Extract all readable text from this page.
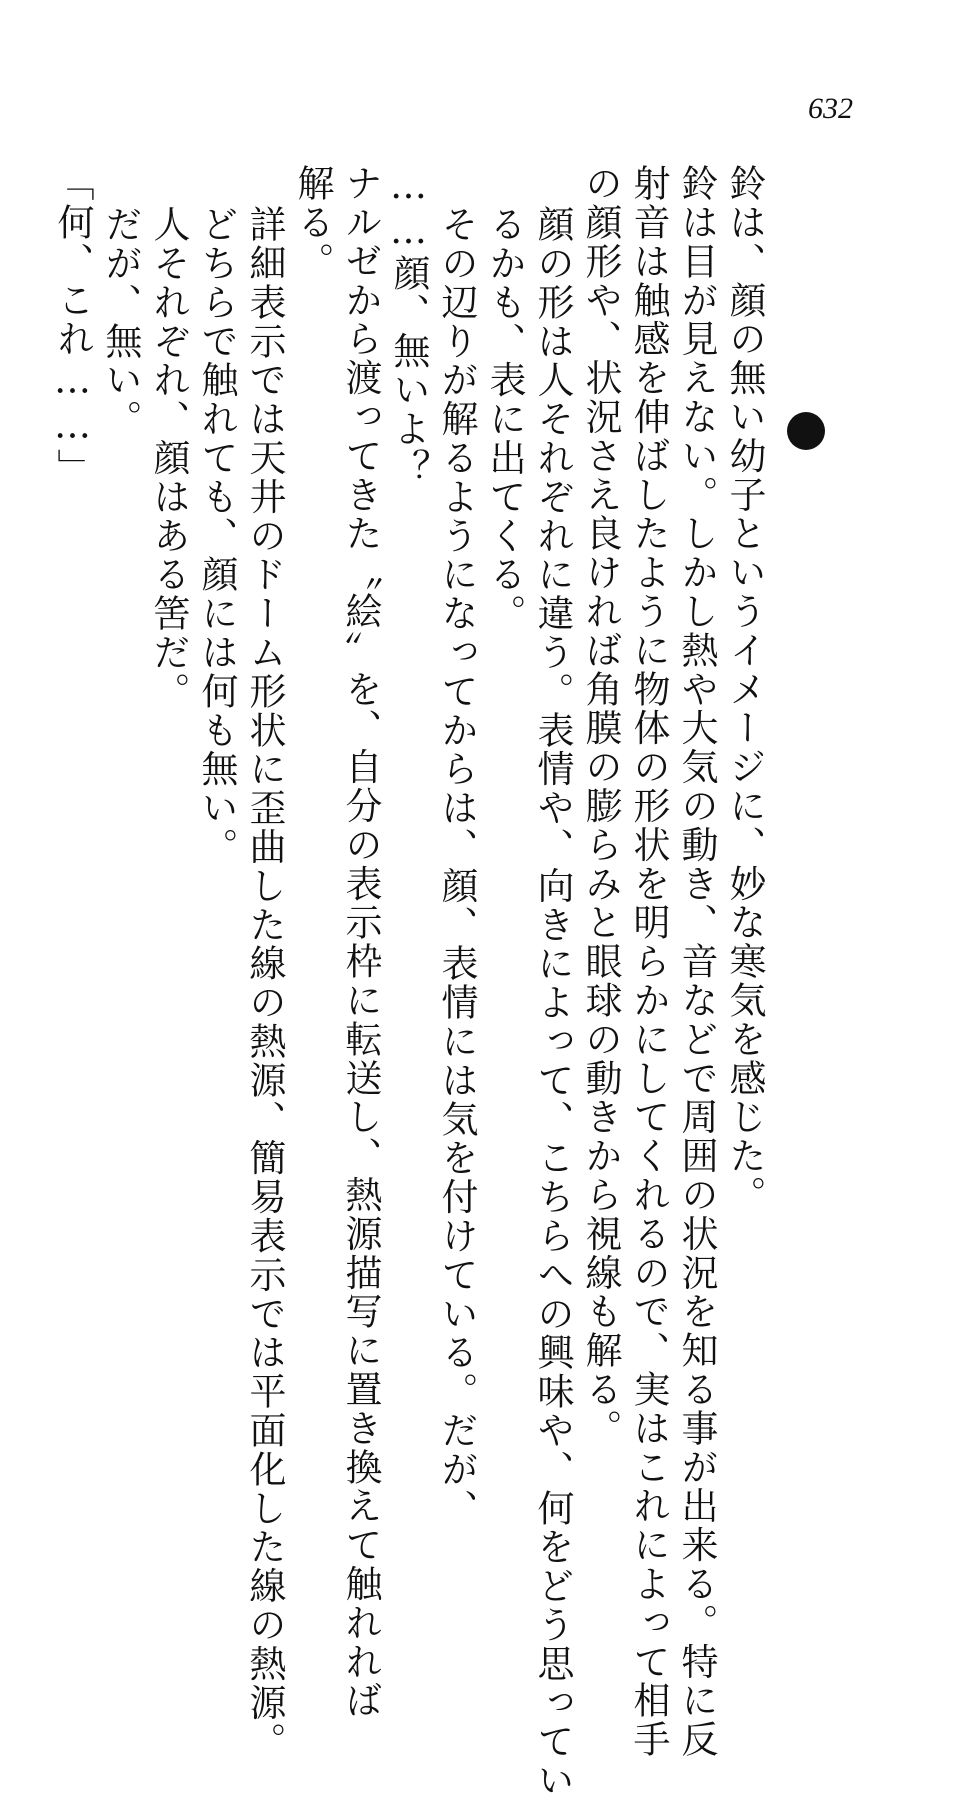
632
鈴は、顔の無い幼子というイメージに、妙な寒気を感じた。
鈴は目が見えない。しかし熱や大気の動き、音などで周囲の状況を知る事が出来る。特に反
射音は触感を伸ばしたように物体の形状を明らかにしてくれるので、実はこれによって相手
の顔形や、状況さえ良ければ角膜の膨らみと眼球の動きから視線も解る。
顔の形は人それぞれに違う。表情や、向きによって、こちらへの興味や、何をどう思ってい
るかも、表に出てくる。
その辺りが解るようになってからは、顔、表情には気を付けている。だが、
……顔、無いよ？
ナルゼから渡ってきた〝絵〟を、自分の表示枠に転送し、熱源描写に置き換えて触れれば
解る。
詳細表示では天井のドーム形状に歪曲した線の熱源、簡易表示では平面化した線の熱源。
どちらで触れても、顔には何も無い。
人それぞれ、顔はある筈だ。
だが、無い。
「何、これ……」
